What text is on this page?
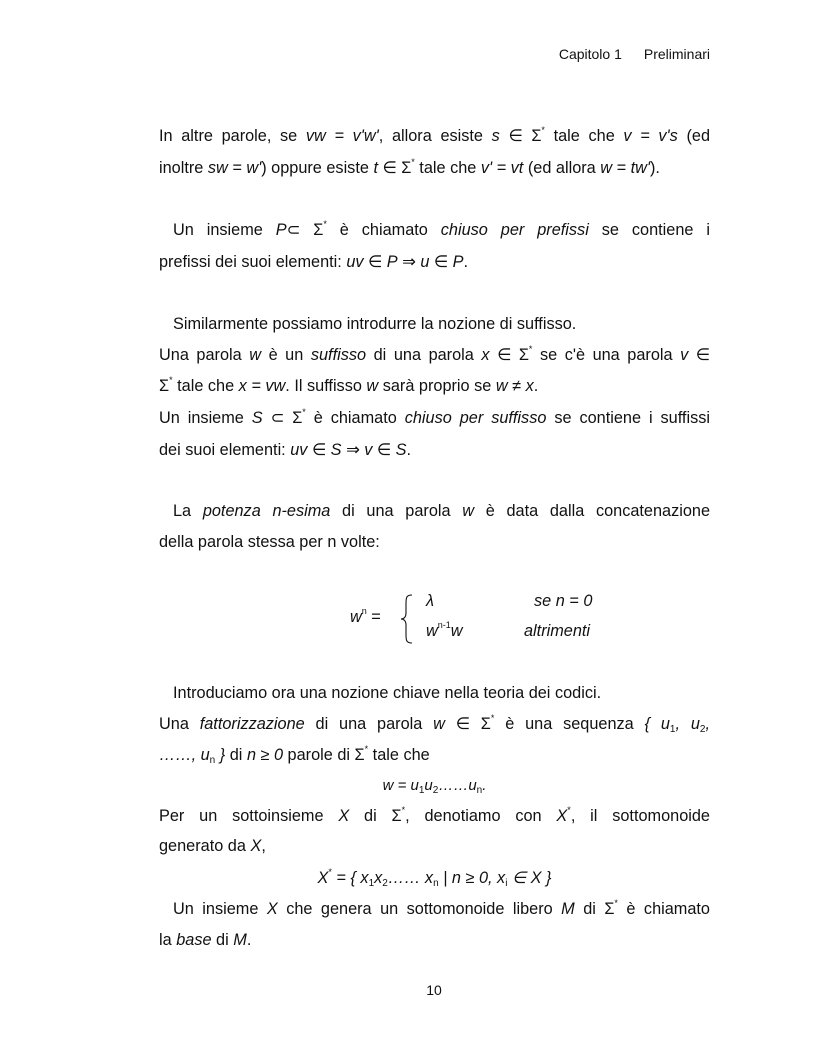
Capitolo 1 Preliminari
In altre parole, se vw = v'w', allora esiste s ∈ Σ* tale che v = v's (ed
inoltre sw = w') oppure esiste t ∈ Σ* tale che v' = vt (ed allora w = tw').
Un insieme P⊂ Σ* è chiamato chiuso per prefissi se contiene i
prefissi dei suoi elementi: uv ∈ P ⇒ u ∈ P.
Similarmente possiamo introdurre la nozione di suffisso.
Una parola w è un suffisso di una parola x ∈ Σ* se c'è una parola v ∈
Σ* tale che x = vw. Il suffisso w sarà proprio se w ≠ x.
Un insieme S ⊂ Σ* è chiamato chiuso per suffisso se contiene i suffissi
dei suoi elementi: uv ∈ S ⇒ v ∈ S.
La potenza n-esima di una parola w è data dalla concatenazione
della parola stessa per n volte:
$w^n$ =
λ	se n = 0
$w^{n-1}w$	altrimenti
Introduciamo ora una nozione chiave nella teoria dei codici.
Una fattorizzazione di una parola w ∈ Σ* è una sequenza { $u_1$, $u_2$,
……, $u_n$ } di n ≥ 0 parole di Σ* tale che
$w = u_1u_2\dots\dots u_n$.
Per un sottoinsieme X di Σ*, denotiamo con X*, il sottomonoide
generato da X,
X* = { $x_1x_2\dots\dots$ $x_n$ | n ≥ 0, $x_i$ ∈ X }
Un insieme X che genera un sottomonoide libero M di Σ* è chiamato
la base di M.
10
